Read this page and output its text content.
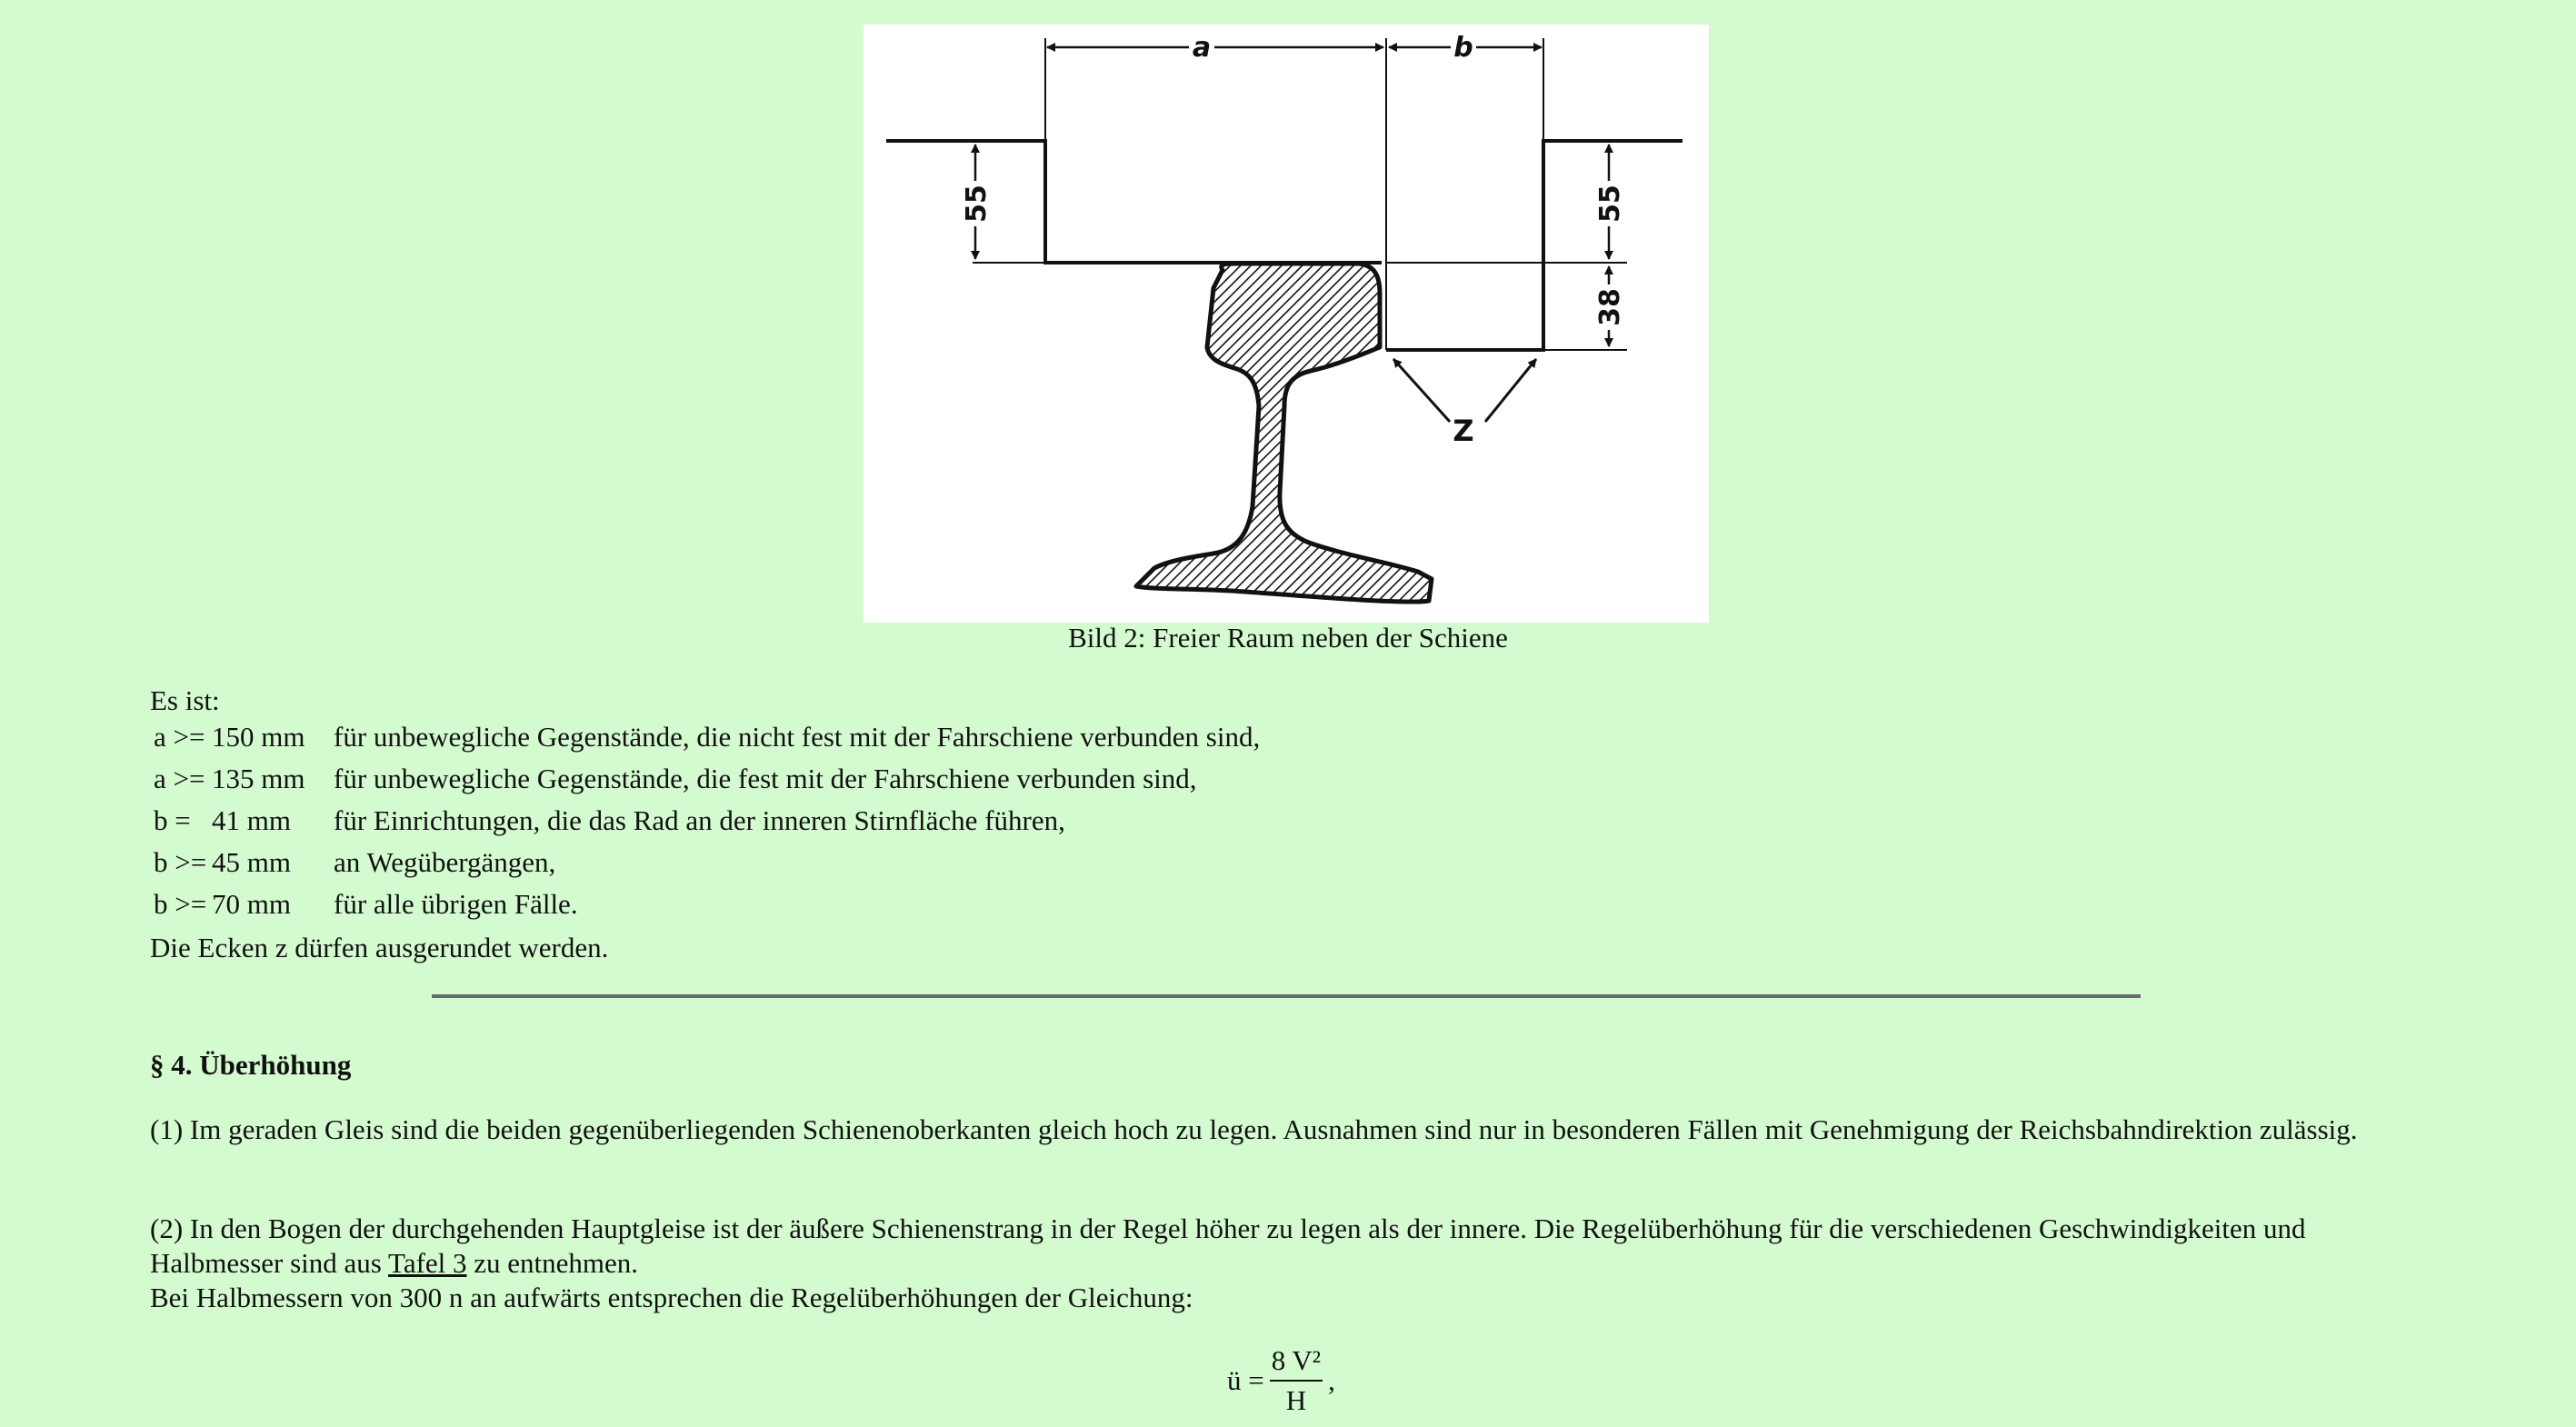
a	b
55	55
38
Z
Bild 2: Freier Raum neben der Schiene
Es ist:
a >=	150 mm	für unbewegliche Gegenstände, die nicht fest mit der Fahrschiene verbunden sind,
a >=	135 mm	für unbewegliche Gegenstände, die fest mit der Fahrschiene verbunden sind,
b =	41 mm	für Einrichtungen, die das Rad an der inneren Stirnfläche führen,
b >=	45 mm	an Wegübergängen,
b >=	70 mm	für alle übrigen Fälle.
Die Ecken z dürfen ausgerundet werden.
§ 4. Überhöhung
(1) Im geraden Gleis sind die beiden gegenüberliegenden Schienenoberkanten gleich hoch zu legen. Ausnahmen sind nur in besonderen Fällen mit Genehmigung der Reichsbahndirektion zulässig.
(2) In den Bogen der durchgehenden Hauptgleise ist der äußere Schienenstrang in der Regel höher zu legen als der innere. Die Regelüberhöhung für die verschiedenen Geschwindigkeiten und Halbmesser sind aus Tafel 3 zu entnehmen.
Bei Halbmessern von 300 n an aufwärts entsprechen die Regelüberhöhungen der Gleichung:
ü = $\frac{\text{8 V²}}{H}$ ,
